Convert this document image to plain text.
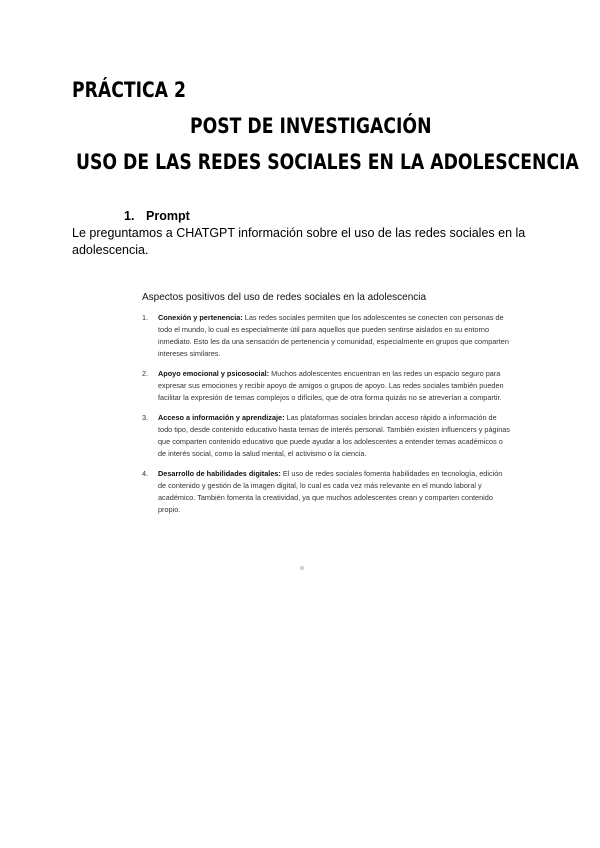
PRÁCTICA 2
POST DE INVESTIGACIÓN
USO DE LAS REDES SOCIALES EN LA ADOLESCENCIA

1. Prompt

Le preguntamos a CHATGPT información sobre el uso de las redes sociales en la adolescencia.

Aspectos positivos del uso de redes sociales en la adolescencia

1. Conexión y pertenencia: Las redes sociales permiten que los adolescentes se conecten con personas de todo el mundo, lo cual es especialmente útil para aquellos que pueden sentirse aislados en su entorno inmediato. Esto les da una sensación de pertenencia y comunidad, especialmente en grupos que comparten intereses similares.
2. Apoyo emocional y psicosocial: Muchos adolescentes encuentran en las redes un espacio seguro para expresar sus emociones y recibir apoyo de amigos o grupos de apoyo. Las redes sociales también pueden facilitar la expresión de temas complejos o difíciles, que de otra forma quizás no se atreverían a compartir.
3. Acceso a información y aprendizaje: Las plataformas sociales brindan acceso rápido a información de todo tipo, desde contenido educativo hasta temas de interés personal. También existen influencers y páginas que comparten contenido educativo que puede ayudar a los adolescentes a entender temas académicos o de interés social, como la salud mental, el activismo o la ciencia.
4. Desarrollo de habilidades digitales: El uso de redes sociales fomenta habilidades en tecnología, edición de contenido y gestión de la imagen digital, lo cual es cada vez más relevante en el mundo laboral y académico. También fomenta la creatividad, ya que muchos adolescentes crean y comparten contenido propio.
